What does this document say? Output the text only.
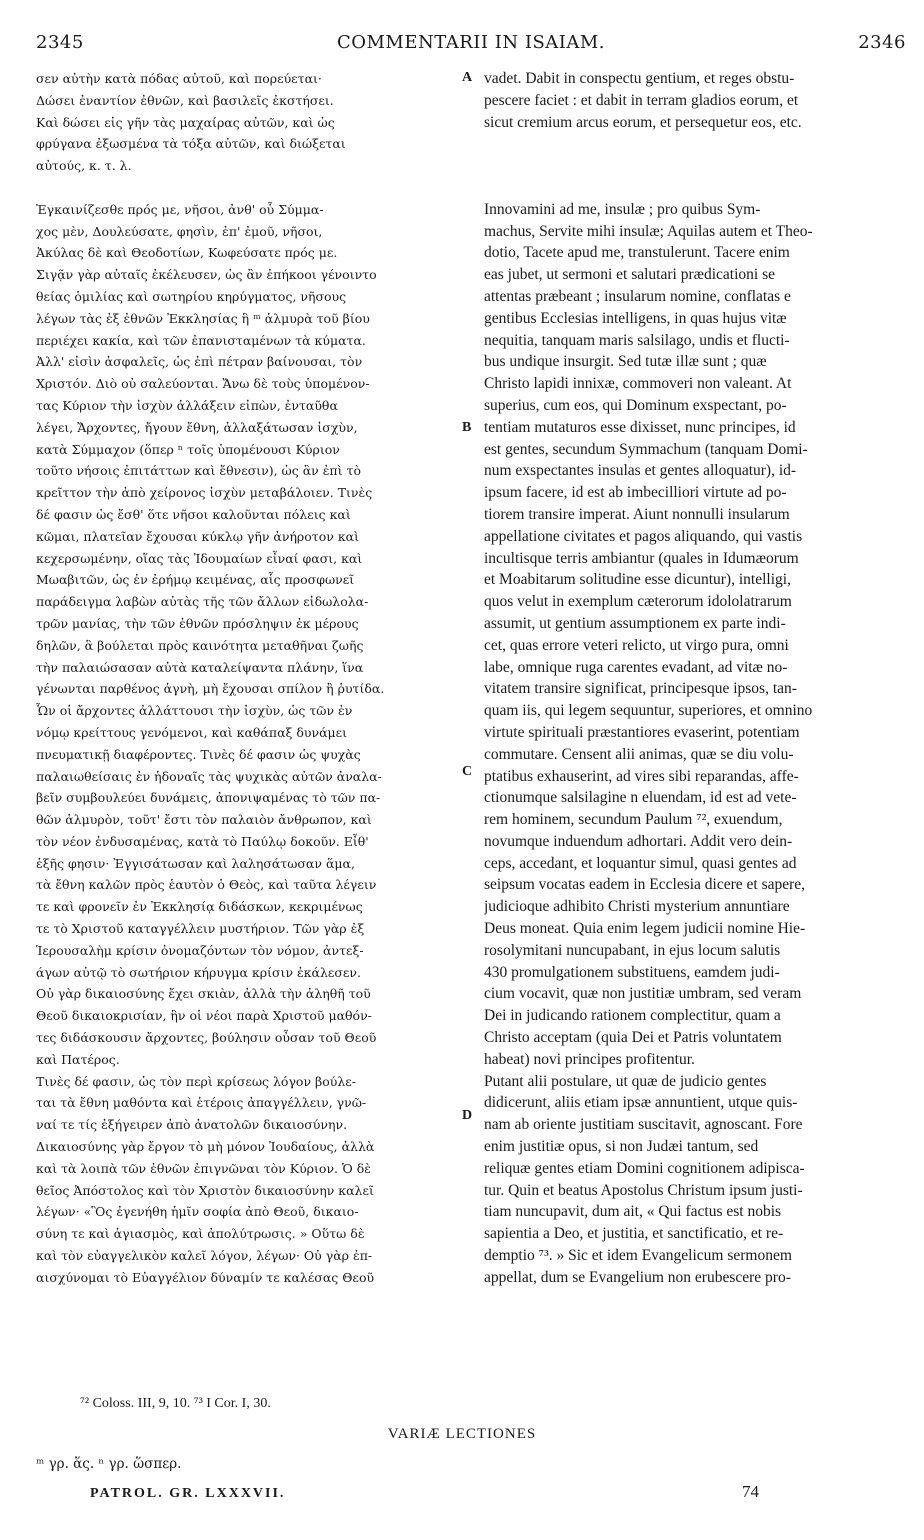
2345	COMMENTARII IN ISAIAM.	2346
σεν αὐτὴν κατὰ πόδας αὐτοῦ, καὶ πορεύεται·
Δώσει ἐναντίον ἐθνῶν, καὶ βασιλεῖς ἐκστήσει.
Καὶ δώσει εἰς γῆν τὰς μαχαίρας αὐτῶν, καὶ ὡς
φρύγανα ἐξωσμένα τὰ τόξα αὐτῶν, καὶ διώξεται
αὐτούς, κ. τ. λ.

Ἐγκαινίζεσθε πρός με, νῆσοι, ἀνθ' οὗ Σύμμα-
χος μὲν, Δουλεύσατε, φησὶν, ἐπ' ἐμοῦ, νῆσοι,
Ἀκύλας δὲ καὶ Θεοδοτίων, Κωφεύσατε πρός με.
Σιγᾷν γὰρ αὐταῖς ἐκέλευσεν, ὡς ἂν ἐπήκοοι γένοιντο
θείας ὁμιλίας καὶ σωτηρίου κηρύγματος, νῆσους
λέγων τὰς ἐξ ἐθνῶν Ἐκκλησίας ἣ ᵐ ἁλμυρὰ τοῦ βίου
περιέχει κακία, καὶ τῶν ἐπανισταμένων τὰ κύματα.
Ἀλλ' εἰσὶν ἀσφαλεῖς, ὡς ἐπὶ πέτραν βαίνουσαι, τὸν
Χριστόν. Διὸ οὐ σαλεύονται. Ἄνω δὲ τοὺς ὑπομένον-
τας Κύριον τὴν ἰσχὺν ἀλλάξειν εἰπὼν, ἐνταῦθα
λέγει, Ἄρχοντες, ἤγουν ἔθνη, ἀλλαξάτωσαν ἰσχὺν,
κατὰ Σύμμαχον (ὅπερ ⁿ τοῖς ὑπομένουσι Κύριον
τοῦτο νήσοις ἐπιτάττων καὶ ἔθνεσιν), ὡς ἂν ἐπὶ τὸ
κρεῖττον τὴν ἀπὸ χείρονος ἰσχὺν μεταβάλοιεν. Τινὲς
δέ φασιν ὡς ἔσθ' ὅτε νῆσοι καλοῦνται πόλεις καὶ
κῶμαι, πλατεῖαν ἔχουσαι κύκλῳ γῆν ἀνήροτον καὶ
κεχερσωμένην, οἵας τὰς Ἰδουμαίων εἶναί φασι, καὶ
Μωαβιτῶν, ὡς ἐν ἐρήμῳ κειμένας, αἷς προσφωνεῖ
παράδειγμα λαβὼν αὐτὰς τῆς τῶν ἄλλων εἰδωλολα-
τρῶν μανίας, τὴν τῶν ἐθνῶν πρόσληψιν ἐκ μέρους
δηλῶν, ἃ βούλεται πρὸς καινότητα μεταθῆναι ζωῆς
τὴν παλαιώσασαν αὐτὰ καταλείψαντα πλάνην, ἵνα
γένωνται παρθένος ἁγνὴ, μὴ ἔχουσαι σπίλον ἢ ῥυτίδα.
Ὧν οἱ ἄρχοντες ἀλλάττουσι τὴν ἰσχὺν, ὡς τῶν ἐν
νόμῳ κρείττους γενόμενοι, καὶ καθάπαξ δυνάμει
πνευματικῇ διαφέροντες. Τινὲς δέ φασιν ὡς ψυχὰς
παλαιωθείσαις ἐν ἡδοναῖς τὰς ψυχικὰς αὐτῶν ἀναλα-
βεῖν συμβουλεύει δυνάμεις, ἀπονιψαμένας τὸ τῶν πα-
θῶν ἁλμυρὸν, τοῦτ' ἔστι τὸν παλαιὸν ἄνθρωπον, καὶ
τὸν νέον ἐνδυσαμένας, κατὰ τὸ Παύλῳ δοκοῦν. Εἶθ'
ἑξῆς φησιν· Ἐγγισάτωσαν καὶ λαλησάτωσαν ἅμα,
τὰ ἔθνη καλῶν πρὸς ἑαυτὸν ὁ Θεὸς, καὶ ταῦτα λέγειν
τε καὶ φρονεῖν ἐν Ἐκκλησίᾳ διδάσκων, κεκριμένως
τε τὸ Χριστοῦ καταγγέλλειν μυστήριον. Τῶν γὰρ ἐξ
Ἱερουσαλὴμ κρίσιν ὀνομαζόντων τὸν νόμον, ἀντεξ-
άγων αὐτῷ τὸ σωτήριον κήρυγμα κρίσιν ἐκάλεσεν.
Οὐ γὰρ δικαιοσύνης ἔχει σκιὰν, ἀλλὰ τὴν ἀληθῆ τοῦ
Θεοῦ δικαιοκρισίαν, ἣν οἱ νέοι παρὰ Χριστοῦ μαθόν-
τες διδάσκουσιν ἄρχοντες, βούλησιν οὖσαν τοῦ Θεοῦ
καὶ Πατέρος.
Τινὲς δέ φασιν, ὡς τὸν περὶ κρίσεως λόγον βούλε-
ται τὰ ἔθνη μαθόντα καὶ ἑτέροις ἀπαγγέλλειν, γνῶ-
ναί τε τίς ἐξήγειρεν ἀπὸ ἀνατολῶν δικαιοσύνην.
Δικαιοσύνης γὰρ ἔργον τὸ μὴ μόνον Ἰουδαίους, ἀλλὰ
καὶ τὰ λοιπὰ τῶν ἐθνῶν ἐπιγνῶναι τὸν Κύριον. Ὁ δὲ
θεῖος Ἀπόστολος καὶ τὸν Χριστὸν δικαιοσύνην καλεῖ
λέγων· «Ὃς ἐγενήθη ἡμῖν σοφία ἀπὸ Θεοῦ, δικαιο-
σύνη τε καὶ ἁγιασμὸς, καὶ ἀπολύτρωσις. » Οὕτω δὲ
καὶ τὸν εὐαγγελικὸν καλεῖ λόγον, λέγων· Οὐ γὰρ ἐπ-
αισχύνομαι τὸ Εὐαγγέλιον δύναμίν τε καλέσας Θεοῦ
vadet. Dabit in conspectu gentium, et reges obstu-
pescere faciet : et dabit in terram gladios eorum, et
sicut cremium arcus eorum, et persequetur eos, etc.

Innovamini ad me, insulæ ; pro quibus Sym-
machus, Servite mihi insulæ; Aquilas autem et Theo-
dotio, Tacete apud me, transtulerunt. Tacere enim
eas jubet, ut sermoni et salutari prædicationi se
attentas præbeant ; insularum nomine, conflatas e
gentibus Ecclesias intelligens, in quas hujus vitæ
nequitia, tanquam maris salsilago, undis et flucti-
bus undique insurgit. Sed tutæ illæ sunt ; quæ
Christo lapidi innixæ, commoveri non valeant. At
superius, cum eos, qui Dominum exspectant, po-
tentiam mutaturos esse dixisset, nunc principes, id
est gentes, secundum Symmachum (tanquam Domi-
num exspectantes insulas et gentes alloquatur), id-
ipsum facere, id est ab imbecilliori virtute ad po-
tiorem transire imperat. Aiunt nonnulli insularum
appellatione civitates et pagos aliquando, qui vastis
incultisque terris ambiantur (quales in Idumæorum
et Moabitarum solitudine esse dicuntur), intelligi,
quos velut in exemplum cæterorum idololatrarum
assumit, ut gentium assumptionem ex parte indi-
cet, quas errore veteri relicto, ut virgo pura, omni
labe, omnique ruga carentes evadant, ad vitæ no-
vitatem transire significat, principesque ipsos, tan-
quam iis, qui legem sequuntur, superiores, et omnino
virtute spirituali præstantiores evaserint, potentiam
commutare. Censent alii animas, quæ se diu volu-
ptatibus exhauserint, ad vires sibi reparandas, affe-
ctionumque salsilagine n eluendam, id est ad vete-
rem hominem, secundum Paulum ⁷², exuendum,
novumque induendum adhortari. Addit vero dein-
ceps, accedant, et loquantur simul, quasi gentes ad
seipsum vocatas eadem in Ecclesia dicere et sapere,
judicioque adhibito Christi mysterium annuntiare
Deus moneat. Quia enim legem judicii nomine Hie-
rosolymitani nuncupabant, in ejus locum salutis
430 promulgationem substituens, eamdem judi-
cium vocavit, quæ non justitiæ umbram, sed veram
Dei in judicando rationem complectitur, quam a
Christo acceptam (quia Dei et Patris voluntatem
habeat) novi principes profitentur.
Putant alii postulare, ut quæ de judicio gentes
didicerunt, aliis etiam ipsæ annuntient, utque quis-
nam ab oriente justitiam suscitavit, agnoscant. Fore
enim justitiæ opus, si non Judæi tantum, sed
reliquæ gentes etiam Domini cognitionem adipisca-
tur. Quin et beatus Apostolus Christum ipsum justi-
tiam nuncupavit, dum ait, « Qui factus est nobis
sapientia a Deo, et justitia, et sanctificatio, et re-
demptio ⁷³. » Sic et idem Evangelicum sermonem
appellat, dum se Evangelium non erubescere pro-
A
B
C
D
⁷² Coloss. III, 9, 10. ⁷³ I Cor. I, 30.
VARIÆ LECTIONES
ᵐ γρ. ἅς. ⁿ γρ. ὥσπερ.
PATROL. GR. LXXXVII.	74
